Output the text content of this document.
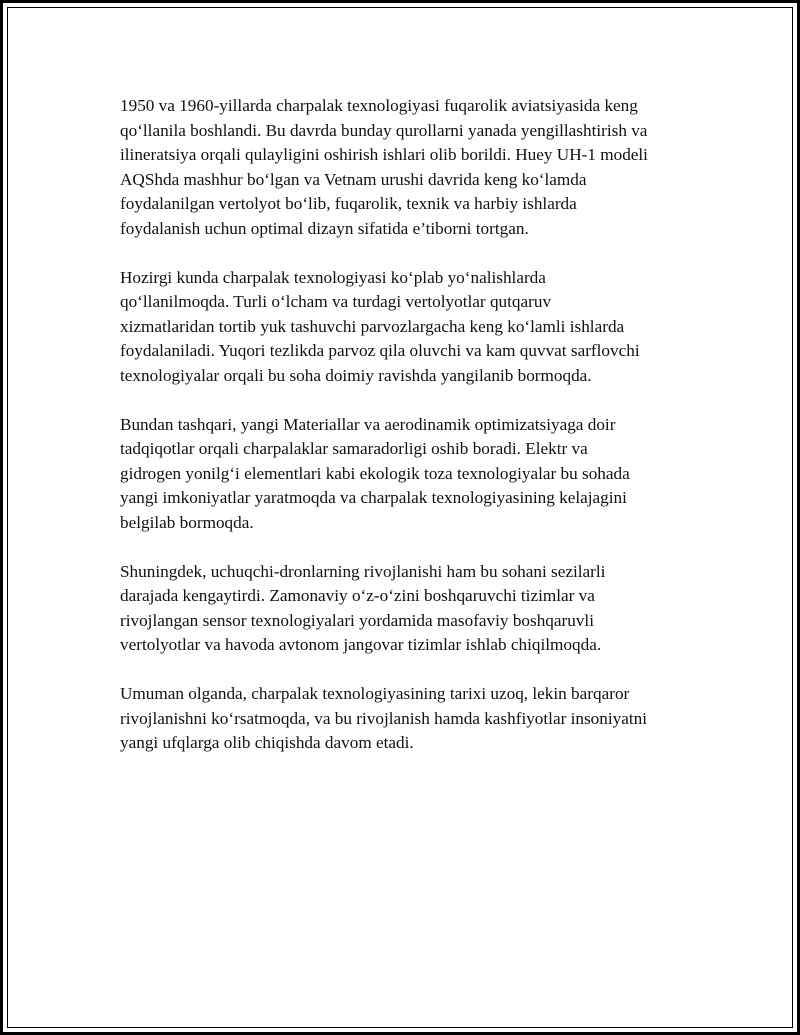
1950 va 1960-yillarda charpalak texnologiyasi fuqarolik aviatsiyasida keng
qo‘llanila boshlandi. Bu davrda bunday qurollarni yanada yengillashtirish va
ilineratsiya orqali qulayligini oshirish ishlari olib borildi. Huey UH-1 modeli
AQShda mashhur bo‘lgan va Vetnam urushi davrida keng ko‘lamda
foydalanilgan vertolyot bo‘lib, fuqarolik, texnik va harbiy ishlarda
foydalanish uchun optimal dizayn sifatida e’tiborni tortgan.

Hozirgi kunda charpalak texnologiyasi ko‘plab yo‘nalishlarda
qo‘llanilmoqda. Turli o‘lcham va turdagi vertolyotlar qutqaruv
xizmatlaridan tortib yuk tashuvchi parvozlargacha keng ko‘lamli ishlarda
foydalaniladi. Yuqori tezlikda parvoz qila oluvchi va kam quvvat sarflovchi
texnologiyalar orqali bu soha doimiy ravishda yangilanib bormoqda.

Bundan tashqari, yangi Materiallar va aerodinamik optimizatsiyaga doir
tadqiqotlar orqali charpalaklar samaradorligi oshib boradi. Elektr va
gidrogen yonilg‘i elementlari kabi ekologik toza texnologiyalar bu sohada
yangi imkoniyatlar yaratmoqda va charpalak texnologiyasining kelajagini
belgilab bormoqda.

Shuningdek, uchuqchi-dronlarning rivojlanishi ham bu sohani sezilarli
darajada kengaytirdi. Zamonaviy o‘z-o‘zini boshqaruvchi tizimlar va
rivojlangan sensor texnologiyalari yordamida masofaviy boshqaruvli
vertolyotlar va havoda avtonom jangovar tizimlar ishlab chiqilmoqda.

Umuman olganda, charpalak texnologiyasining tarixi uzoq, lekin barqaror
rivojlanishni ko‘rsatmoqda, va bu rivojlanish hamda kashfiyotlar insoniyatni
yangi ufqlarga olib chiqishda davom etadi.
